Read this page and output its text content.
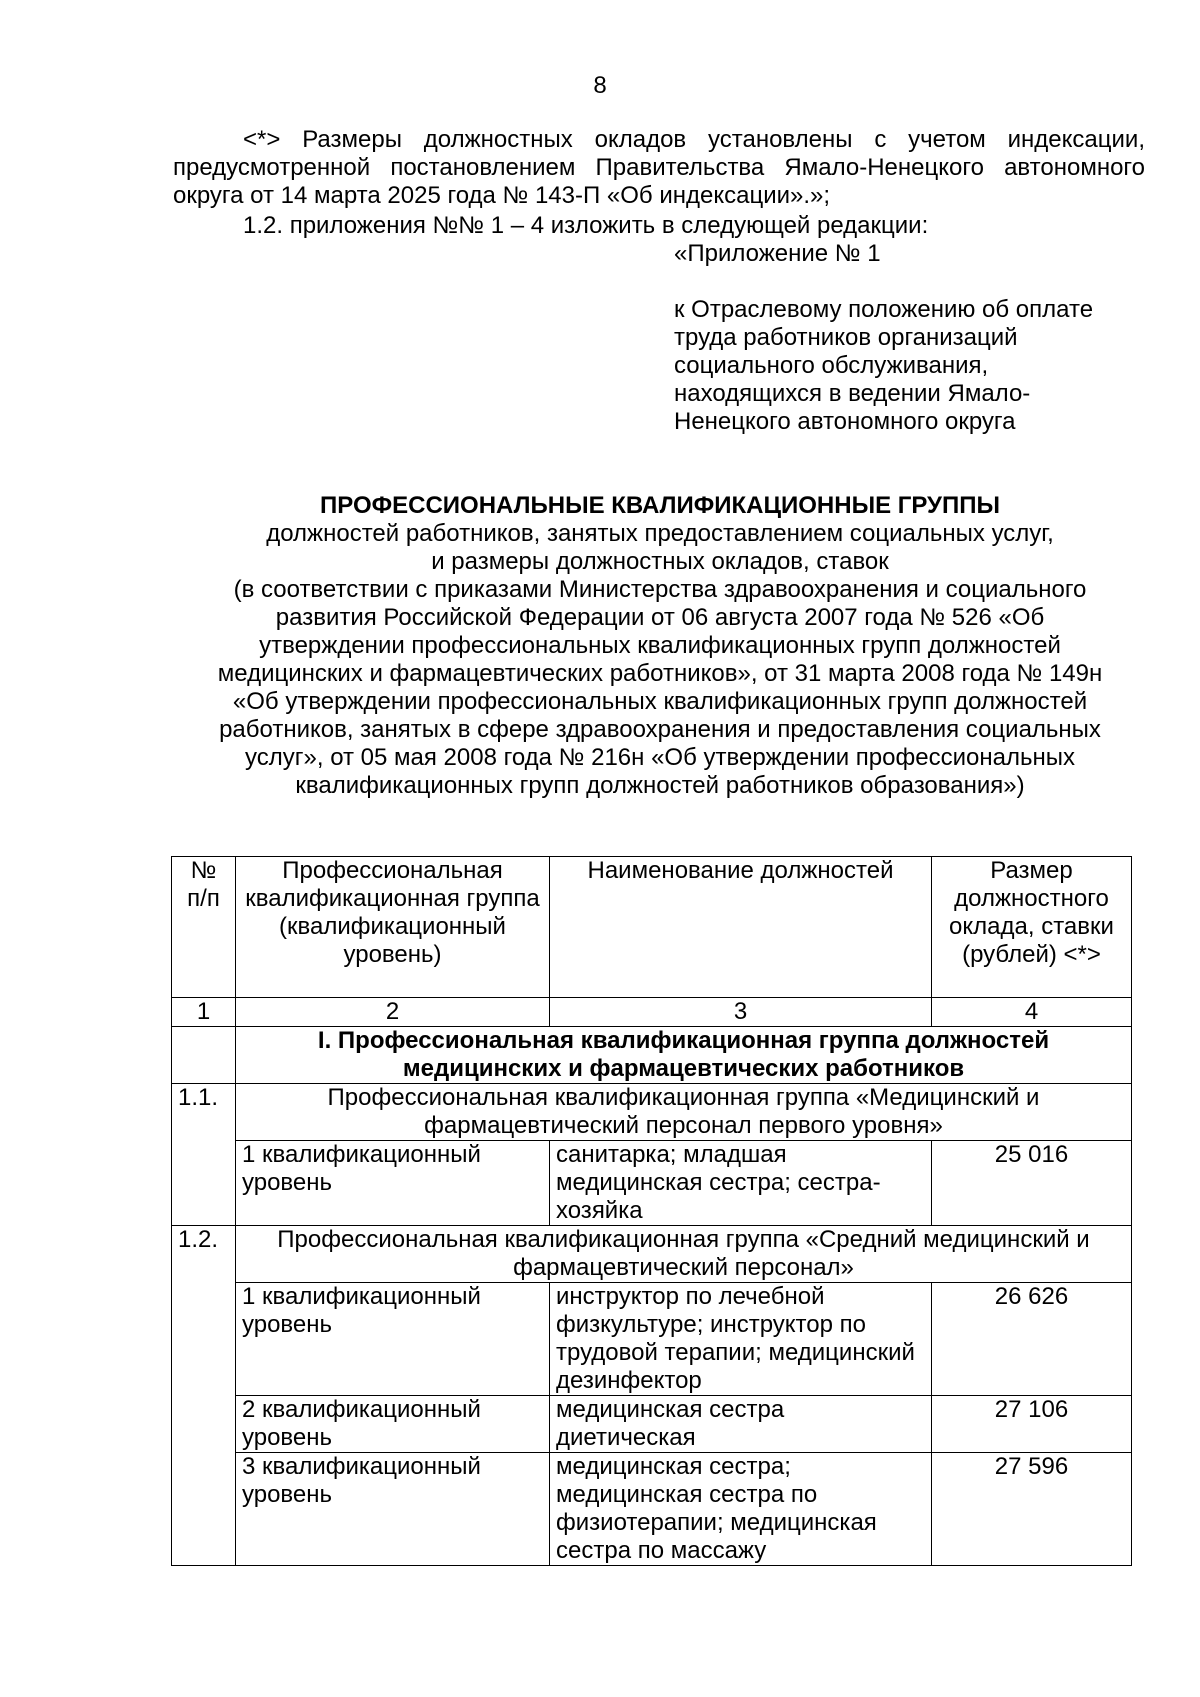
8
<*> Размеры должностных окладов установлены с учетом индексации, предусмотренной постановлением Правительства Ямало-Ненецкого автономного округа от 14 марта 2025 года № 143-П «Об индексации».»;
1.2. приложения №№ 1 – 4 изложить в следующей редакции:
«Приложение № 1
к Отраслевому положению об оплате
труда работников организаций
социального обслуживания,
находящихся в ведении Ямало-
Ненецкого автономного округа
ПРОФЕССИОНАЛЬНЫЕ КВАЛИФИКАЦИОННЫЕ ГРУППЫ
должностей работников, занятых предоставлением социальных услуг,
и размеры должностных окладов, ставок
(в соответствии с приказами Министерства здравоохранения и социального
развития Российской Федерации от 06 августа 2007 года № 526 «Об
утверждении профессиональных квалификационных групп должностей
медицинских и фармацевтических работников», от 31 марта 2008 года № 149н
«Об утверждении профессиональных квалификационных групп должностей
работников, занятых в сфере здравоохранения и предоставления социальных
услуг», от 05 мая 2008 года № 216н «Об утверждении профессиональных
квалификационных групп должностей работников образования»)
№ п/п	Профессиональная квалификационная группа (квалификационный уровень)	Наименование должностей	Размер должностного оклада, ставки (рублей) <*>
1	2	3	4
	I. Профессиональная квалификационная группа должностей медицинских и фармацевтических работников		
1.1.	Профессиональная квалификационная группа «Медицинский и фармацевтический персонал первого уровня»		
	1 квалификационный уровень	санитарка; младшая медицинская сестра; сестра-хозяйка	25 016
1.2.	Профессиональная квалификационная группа «Средний медицинский и фармацевтический персонал»		
	1 квалификационный уровень	инструктор по лечебной физкультуре; инструктор по трудовой терапии; медицинский дезинфектор	26 626
	2 квалификационный уровень	медицинская сестра диетическая	27 106
	3 квалификационный уровень	медицинская сестра; медицинская сестра по физиотерапии; медицинская сестра по массажу	27 596
